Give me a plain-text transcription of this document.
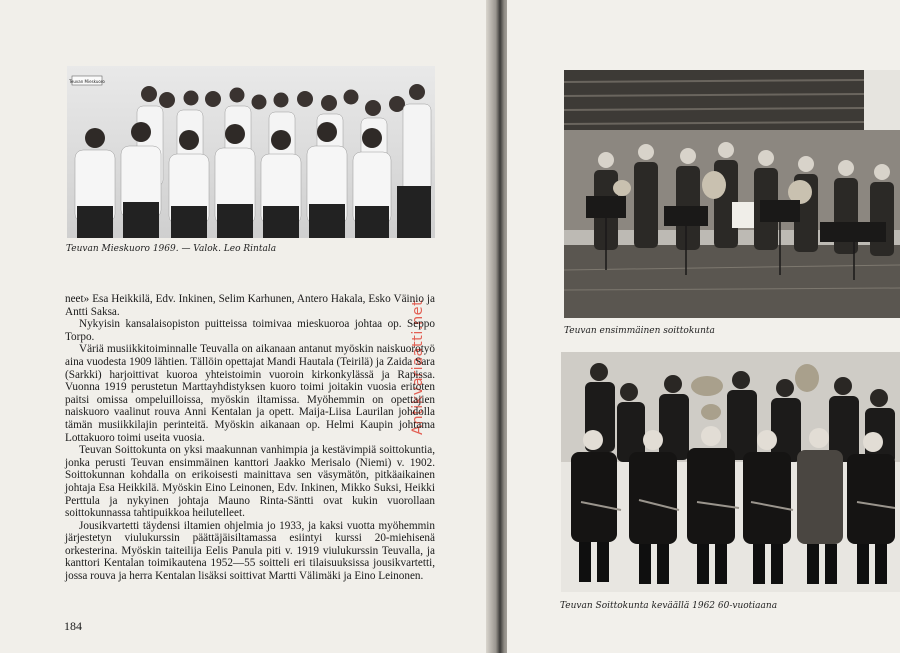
Teuvan Mieskuoro
Teuvan Mieskuoro 1969. — Valok. Leo Rintala
Antikvariaatti.net

neet» Esa Heikkilä, Edv. Inkinen, Selim Karhunen, Antero Hakala, Esko Väinio ja Antti Saksa.

Nykyisin kansalaisopiston puitteissa toimivaa mieskuoroa johtaa op. Seppo Torpo.

Väriä musiikkitoiminnalle Teuvalla on aikanaan antanut myöskin naiskuorotyö aina vuodesta 1909 lähtien. Tällöin opettajat Mandi Hautala (Teirilä) ja Zaida Sara (Sarkki) harjoittivat kuoroa yhteistoimin vuoroin kirkonkylässä ja Rapissa. Vuonna 1919 perustetun Marttayhdistyksen kuoro toimi joitakin vuosia eritoten paitsi omissa ompeluilloissa, myöskin iltamissa. Myöhemmin on opettajien naiskuoro vaalinut rouva Anni Kentalan ja opett. Maija-Liisa Laurilan johdolla tämän musiikkilajin perinteitä. Myöskin aikanaan op. Helmi Kaupin johtama Lottakuoro toimi useita vuosia.

Teuvan Soittokunta on yksi maakunnan vanhimpia ja kestävimpiä soittokuntia, jonka perusti Teuvan ensimmäinen kanttori Jaakko Merisalo (Niemi) v. 1902. Soittokunnan kohdalla on erikoisesti mainittava sen väsymätön, pitkäaikainen johtaja Esa Heikkilä. Myöskin Eino Leinonen, Edv. Inkinen, Mikko Suksi, Heikki Perttula ja nykyinen johtaja Mauno Rinta-Säntti ovat kukin vuorollaan soittokunnassa tahtipuikkoa heilutelleet.

Jousikvartetti täydensi iltamien ohjelmia jo 1933, ja kaksi vuotta myöhemmin järjestetyn viulukurssin päättäjäisiltamassa esiintyi kurssi 20-miehisenä orkesterina. Myöskin taiteilija Eelis Panula piti v. 1919 viulukurssin Teuvalla, ja kanttori Kentalan toimikautena 1952—55 soitteli eri tilaisuuksissa jousikvartetti, jossa rouva ja herra Kentalan lisäksi soittivat Martti Välimäki ja Eino Leinonen.

184
Teuvan ensimmäinen soittokunta
Teuvan Soittokunta keväällä 1962 60-vuotiaana
